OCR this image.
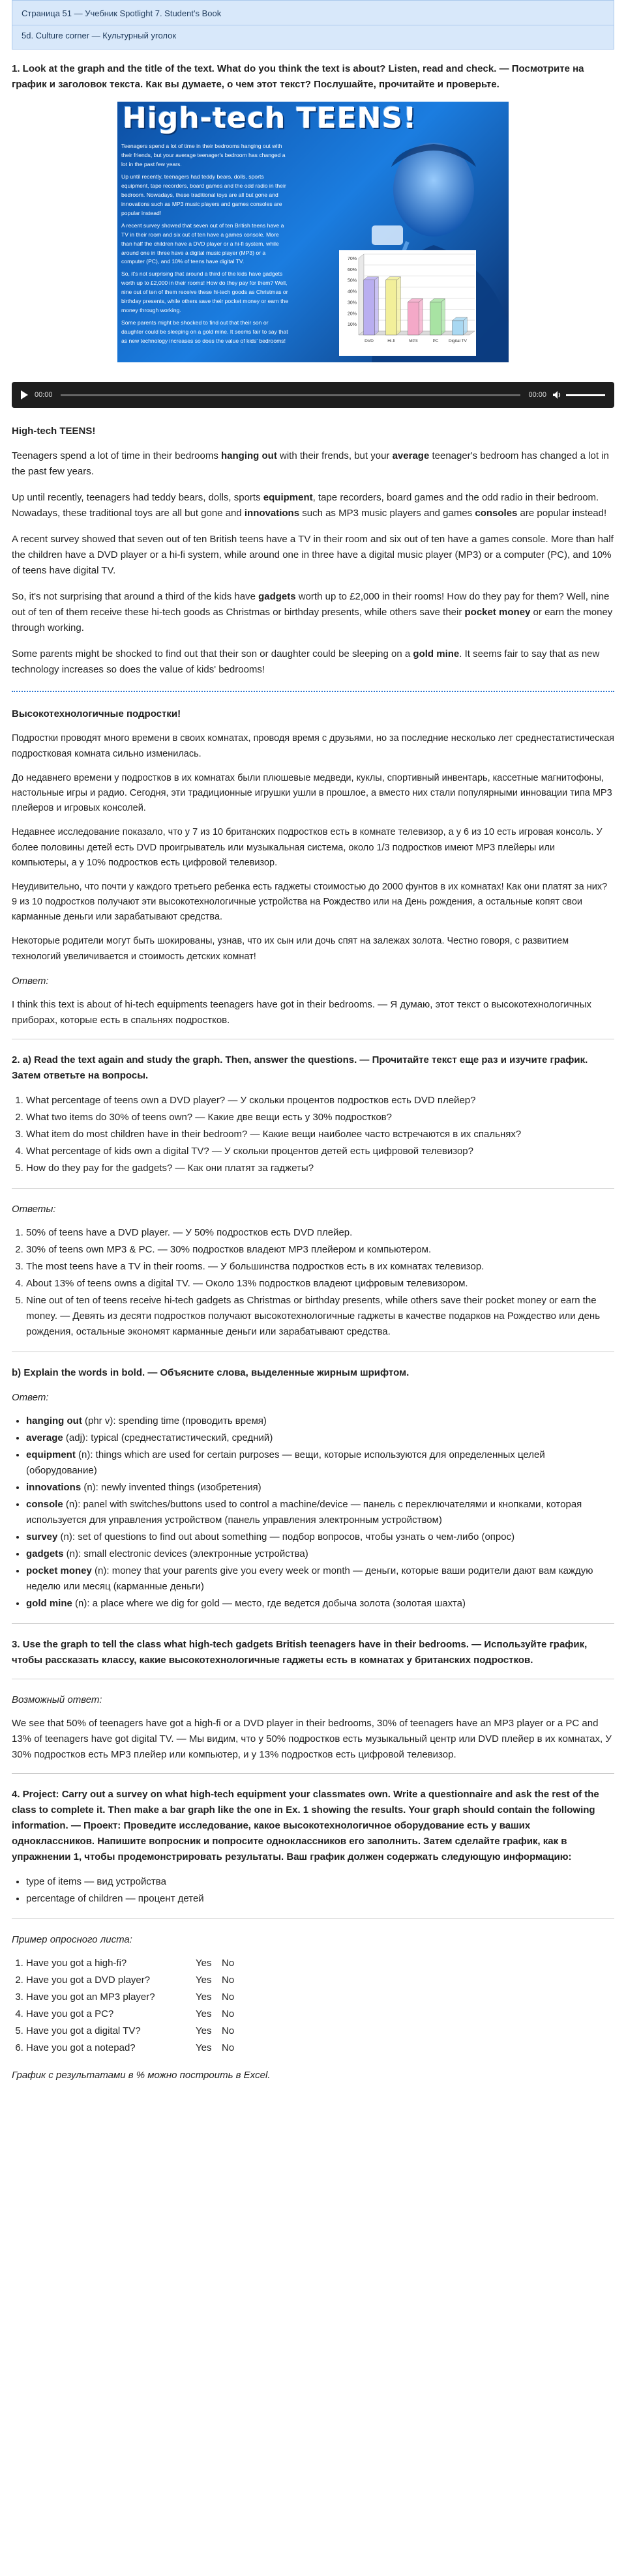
Страница 51 — Учебник Spotlight 7. Student's Book
5d. Culture corner — Культурный уголок
1. Look at the graph and the title of the text. What do you think the text is about? Listen, read and check. — Посмотрите на график и заголовок текста. Как вы думаете, о чем этот текст? Послушайте, прочитайте и проверьте.
High-tech TEENS!

Teenagers spend a lot of time in their bedrooms hanging out with their friends, but your average teenager's bedroom has changed a lot in the past few years.

Up until recently, teenagers had teddy bears, dolls, sports equipment, tape recorders, board games and the odd radio in their bedroom. Nowadays, these traditional toys are all but gone and innovations such as MP3 music players and games consoles are popular instead!

A recent survey showed that seven out of ten British teens have a TV in their room and six out of ten have a games console. More than half the children have a DVD player or a hi-fi system, while around one in three have a digital music player (MP3) or a computer (PC), and 10% of teens have digital TV.

So, it's not surprising that around a third of the kids have gadgets worth up to £2,000 in their rooms! How do they pay for them? Well, nine out of ten of them receive these hi-tech goods as Christmas or birthday presents, while others save their pocket money or earn the money through working.

Some parents might be shocked to find out that their son or daughter could be sleeping on a gold mine. It seems fair to say that as new technology increases so does the value of kids' bedrooms!

10%
20%
30%
40%
50%
60%
70%
DVD	Hi-fi	MP3	PC Digital TV
00:00	00:00
High-tech TEENS!

Teenagers spend a lot of time in their bedrooms hanging out with their frends, but your average teenager's bedroom has changed a lot in the past few years.

Up until recently, teenagers had teddy bears, dolls, sports equipment, tape recorders, board games and the odd radio in their bedroom. Nowadays, these traditional toys are all but gone and innovations such as MP3 music players and games consoles are popular instead!

A recent survey showed that seven out of ten British teens have a TV in their room and six out of ten have a games console. More than half the children have a DVD player or a hi-fi system, while around one in three have a digital music player (MP3) or a computer (PC), and 10% of teens have digital TV.

So, it's not surprising that around a third of the kids have gadgets worth up to £2,000 in their rooms! How do they pay for them? Well, nine out of ten of them receive these hi-tech goods as Christmas or birthday presents, while others save their pocket money or earn the money through working.

Some parents might be shocked to find out that their son or daughter could be sleeping on a gold mine. It seems fair to say that as new technology increases so does the value of kids' bedrooms!

Высокотехнологичные подростки!

Подростки проводят много времени в своих комнатах, проводя время с друзьями, но за последние несколько лет среднестатистическая подростковая комната сильно изменилась.

До недавнего времени у подростков в их комнатах были плюшевые медведи, куклы, спортивный инвентарь, кассетные магнитофоны, настольные игры и радио. Сегодня, эти традиционные игрушки ушли в прошлое, а вместо них стали популярными инновации типа MP3 плейеров и игровых консолей.

Недавнее исследование показало, что у 7 из 10 британских подростков есть в комнате телевизор, а у 6 из 10 есть игровая консоль. У более половины детей есть DVD проигрыватель или музыкальная система, около 1/3 подростков имеют MP3 плейеры или компьютеры, а у 10% подростков есть цифровой телевизор.

Неудивительно, что почти у каждого третьего ребенка есть гаджеты стоимостью до 2000 фунтов в их комнатах! Как они платят за них? 9 из 10 подростков получают эти высокотехнологичные устройства на Рождество или на День рождения, а остальные копят свои карманные деньги или зарабатывают средства.

Некоторые родители могут быть шокированы, узнав, что их сын или дочь спят на залежах золота. Честно говоря, с развитием технологий увеличивается и стоимость детских комнат!

Ответ:

I think this text is about of hi-tech equipments teenagers have got in their bedrooms. — Я думаю, этот текст о высокотехнологичных приборах, которые есть в спальнях подростков.

2. a) Read the text again and study the graph. Then, answer the questions. — Прочитайте текст еще раз и изучите график. Затем ответьте на вопросы.
1. What percentage of teens own a DVD player? — У скольки процентов подростков есть DVD плейер?
2. What two items do 30% of teens own? — Какие две вещи есть у 30% подростков?
3. What item do most children have in their bedroom? — Какие вещи наиболее часто встречаются в их спальнях?
4. What percentage of kids own a digital TV? — У скольки процентов детей есть цифровой телевизор?
5. How do they pay for the gadgets? — Как они платят за гаджеты?
Ответы:
1. 50% of teens have a DVD player. — У 50% подростков есть DVD плейер.
2. 30% of teens own MP3 & PC. — 30% подростков владеют MP3 плейером и компьютером.
3. The most teens have a TV in their rooms. — У большинства подростков есть в их комнатах телевизор.
4. About 13% of teens owns a digital TV. — Около 13% подростков владеют цифровым телевизором.
5. Nine out of ten of teens receive hi-tech gadgets as Christmas or birthday presents, while others save their pocket money or earn the money. — Девять из десяти подростков получают высокотехнологичные гаджеты в качестве подарков на Рождество или день рождения, остальные экономят карманные деньги или зарабатывают средства.
b) Explain the words in bold. — Объясните слова, выделенные жирным шрифтом.
Ответ:
• hanging out (phr v): spending time (проводить время)
• average (adj): typical (среднестатистический, средний)
• equipment (n): things which are used for certain purposes — вещи, которые используются для определенных целей (оборудование)
• innovations (n): newly invented things (изобретения)
• console (n): panel with switches/buttons used to control a machine/device — панель с переключателями и кнопками, которая используется для управления устройством (панель управления электронным устройством)
• survey (n): set of questions to find out about something — подбор вопросов, чтобы узнать о чем-либо (опрос)
• gadgets (n): small electronic devices (электронные устройства)
• pocket money (n): money that your parents give you every week or month — деньги, которые ваши родители дают вам каждую неделю или месяц (карманные деньги)
• gold mine (n): a place where we dig for gold — место, где ведется добыча золота (золотая шахта)
3. Use the graph to tell the class what high-tech gadgets British teenagers have in their bedrooms. — Используйте график, чтобы рассказать классу, какие высокотехнологичные гаджеты есть в комнатах у британских подростков.
Возможный ответ:

We see that 50% of teenagers have got a high-fi or a DVD player in their bedrooms, 30% of teenagers have an MP3 player or a PC and 13% of teenagers have got digital TV. — Мы видим, что у 50% подростков есть музыкальный центр или DVD плейер в их комнатах, У 30% подростков есть MP3 плейер или компьютер, и у 13% подростков есть цифровой телевизор.

4. Project: Carry out a survey on what high-tech equipment your classmates own. Write a questionnaire and ask the rest of the class to complete it. Then make a bar graph like the one in Ex. 1 showing the results. Your graph should contain the following information. — Проект: Проведите исследование, какое высокотехнологичное оборудование есть у ваших одноклассников. Напишите вопросник и попросите одноклассников его заполнить. Затем сделайте график, как в упражнении 1, чтобы продемонстрировать результаты. Ваш график должен содержать следующую информацию:
• type of items — вид устройства
• percentage of children — процент детей
Пример опросного листа:
1. Have you got a high-fi?	Yes No
2. Have you got a DVD player?	Yes No
3. Have you got an MP3 player?	Yes No
4. Have you got a PC?	Yes No
5. Have you got a digital TV?	Yes No
6. Have you got a notepad?	Yes No
График с результатами в % можно построить в Excel.
